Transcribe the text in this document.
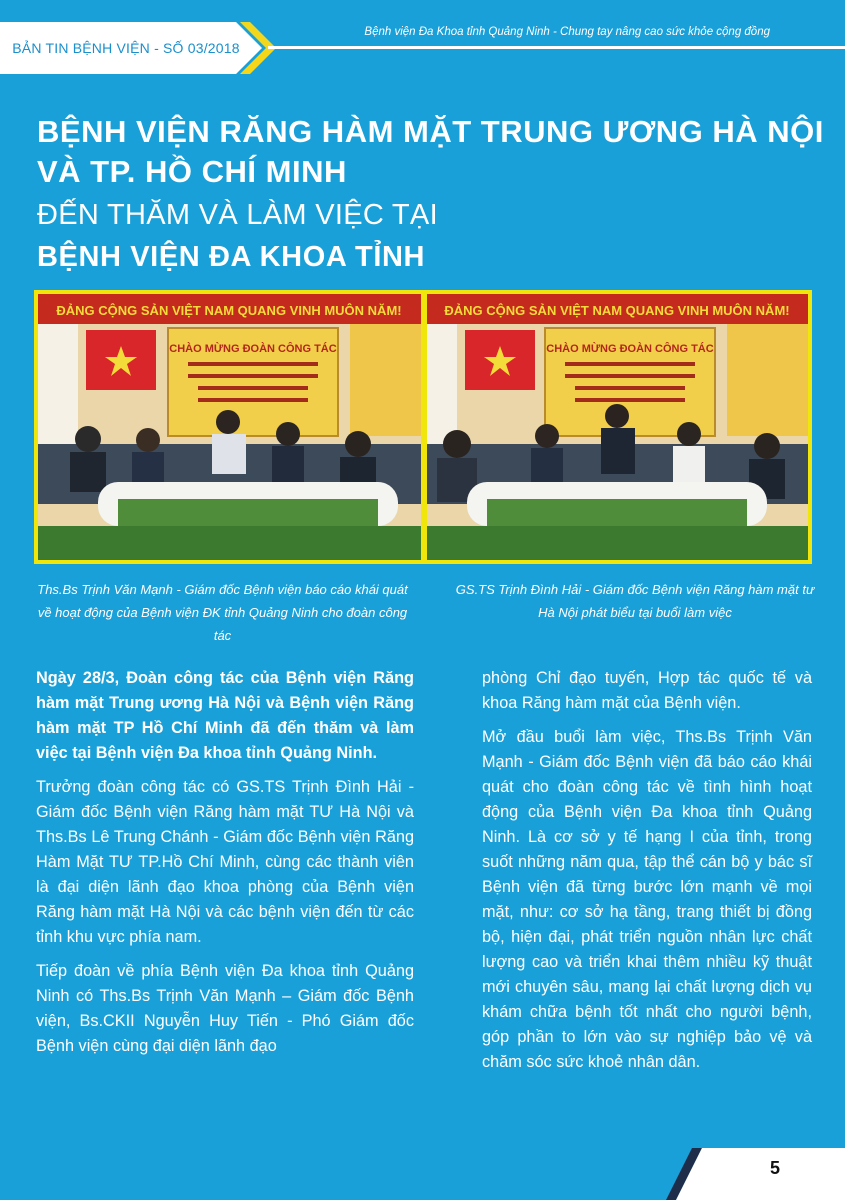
BẢN TIN BỆNH VIỆN - SỐ 03/2018
Bệnh viện Đa Khoa tỉnh Quảng Ninh - Chung tay nâng cao sức khỏe cộng đồng
BỆNH VIỆN RĂNG HÀM MẶT TRUNG ƯƠNG HÀ NỘI
VÀ TP. HỒ CHÍ MINH
ĐẾN THĂM VÀ LÀM VIỆC TẠI
BỆNH VIỆN ĐA KHOA TỈNH
ĐẢNG CỘNG SẢN VIỆT NAM QUANG VINH MUÔN NĂM!
CHÀO MỪNG ĐOÀN CÔNG TÁC
ĐẢNG CỘNG SẢN VIỆT NAM QUANG VINH MUÔN NĂM!
CHÀO MỪNG ĐOÀN CÔNG TÁC
Ths.Bs Trịnh Văn Mạnh - Giám đốc Bệnh viện báo cáo khái quát về hoạt động của Bệnh viện ĐK tỉnh Quảng Ninh cho đoàn công tác
GS.TS Trịnh Đình Hải - Giám đốc Bệnh viện Răng hàm mặt tư Hà Nội phát biểu tại buổi làm việc

Ngày 28/3, Đoàn công tác của Bệnh viện Răng hàm mặt Trung ương Hà Nội và Bệnh viện Răng hàm mặt TP Hồ Chí Minh đã đến thăm và làm việc tại Bệnh viện Đa khoa tỉnh Quảng Ninh.

Trưởng đoàn công tác có GS.TS Trịnh Đình Hải - Giám đốc Bệnh viện Răng hàm mặt TƯ Hà Nội và Ths.Bs Lê Trung Chánh - Giám đốc Bệnh viện Răng Hàm Mặt TƯ TP.Hồ Chí Minh, cùng các thành viên là đại diện lãnh đạo khoa phòng của Bệnh viện Răng hàm mặt Hà Nội và các bệnh viện đến từ các tỉnh khu vực phía nam.

Tiếp đoàn về phía Bệnh viện Đa khoa tỉnh Quảng Ninh có Ths.Bs Trịnh Văn Mạnh – Giám đốc Bệnh viện, Bs.CKII Nguyễn Huy Tiến - Phó Giám đốc Bệnh viện cùng đại diện lãnh đạo

phòng Chỉ đạo tuyến, Hợp tác quốc tế và khoa Răng hàm mặt của Bệnh viện.

Mở đầu buổi làm việc, Ths.Bs Trịnh Văn Mạnh - Giám đốc Bệnh viện đã báo cáo khái quát cho đoàn công tác về tình hình hoạt động của Bệnh viện Đa khoa tỉnh Quảng Ninh. Là cơ sở y tế hạng I của tỉnh, trong suốt những năm qua, tập thể cán bộ y bác sĩ Bệnh viện đã từng bước lớn mạnh về mọi mặt, như: cơ sở hạ tầng, trang thiết bị đồng bộ, hiện đại, phát triển nguồn nhân lực chất lượng cao và triển khai thêm nhiều kỹ thuật mới chuyên sâu, mang lại chất lượng dịch vụ khám chữa bệnh tốt nhất cho người bệnh, góp phần to lớn vào sự nghiệp bảo vệ và chăm sóc sức khoẻ nhân dân.

5
